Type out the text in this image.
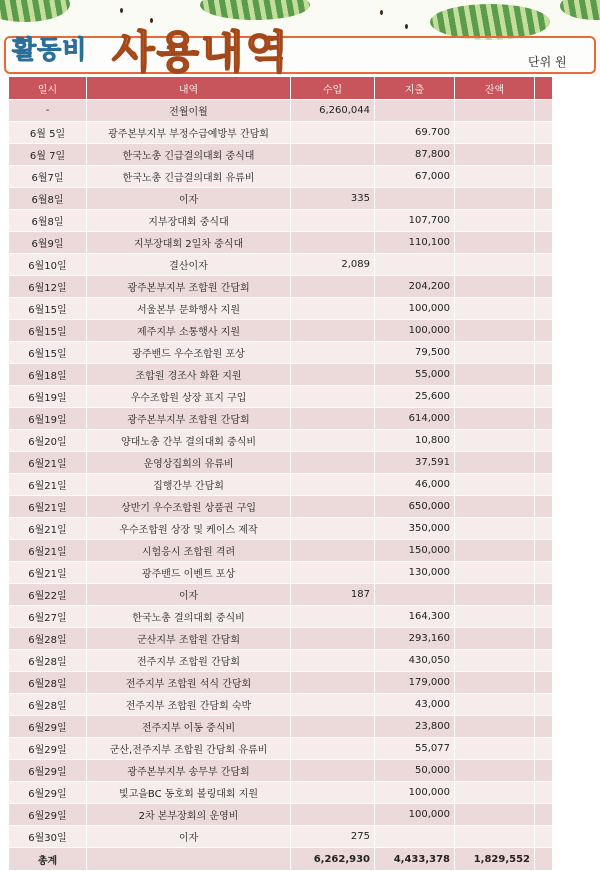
활동비 사용내역	단위 원
일시	내역	수입	지출	잔액	
-	전월이월	6,260,044			
6월 5일	광주본부지부 부정수급예방부 간담회		69.700		
6월 7일	한국노총 긴급결의대회 중식대		87,800		
6월7일	한국노총 긴급결의대회 유류비		67,000		
6월8일	이자	335			
6월8일	지부장대회 중식대		107,700		
6월9일	지부장대회 2일차 중식대		110,100		
6월10일	결산이자	2,089			
6월12일	광주본부지부 조합원 간담회		204,200		
6월15일	서울본부 문화행사 지원		100,000		
6월15일	제주지부 소통행사 지원		100,000		
6월15일	광주밴드 우수조합원 포상		79,500		
6월18일	조합원 경조사 화환 지원		55,000		
6월19일	우수조합원 상장 표지 구입		25,600		
6월19일	광주본부지부 조합원 간담회		614,000		
6월20일	양대노총 간부 결의대회 중식비		10,800		
6월21일	운영상집회의 유류비		37,591		
6월21일	집행간부 간담회		46,000		
6월21일	상반기 우수조합원 상품권 구입		650,000		
6월21일	우수조합원 상장 및 케이스 제작		350,000		
6월21일	시험응시 조합원 격려		150,000		
6월21일	광주밴드 이벤트 포상		130,000		
6월22일	이자	187			
6월27일	한국노총 결의대회 중식비		164,300		
6월28일	군산지부 조합원 간담회		293,160		
6월28일	전주지부 조합원 간담회		430,050		
6월28일	전주지부 조합원 석식 간담회		179,000		
6월28일	전주지부 조합원 간담회 숙박		43,000		
6월29일	전주지부 이동 중식비		23,800		
6월29일	군산,전주지부 조합원 간담회 유류비		55,077		
6월29일	광주본부지부 송무부 간담회		50,000		
6월29일	빛고을BC 동호회 볼링대회 지원		100,000		
6월29일	2차 본부장회의 운영비		100,000		
6월30일	이자	275			
총계		6,262,930	4,433,378	1,829,552	
